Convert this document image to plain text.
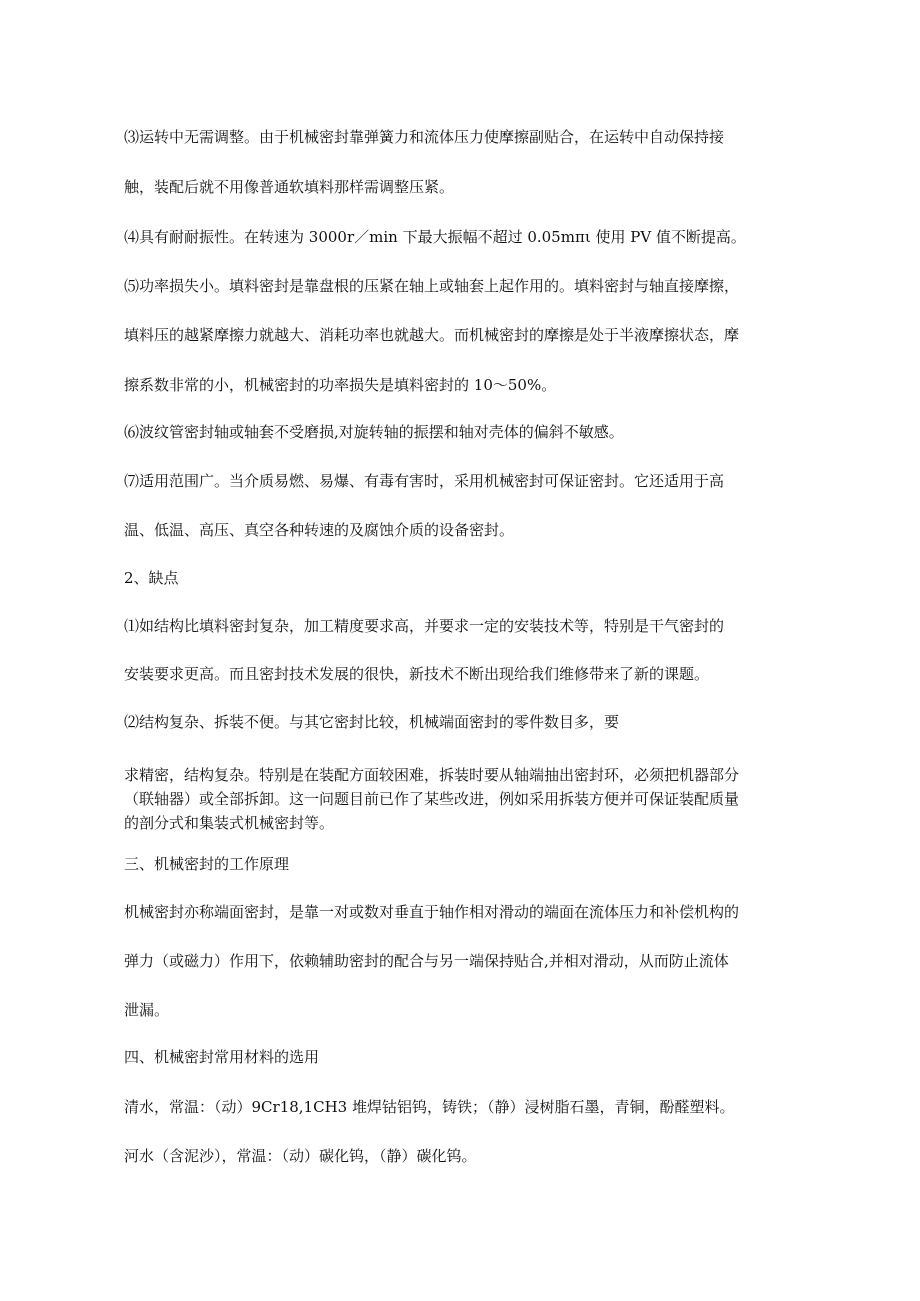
⑶运转中无需调整。由于机械密封靠弹簧力和流体压力使摩擦副贴合，在运转中自动保持接

触，装配后就不用像普通软填料那样需调整压紧。

⑷具有耐耐振性。在转速为 3000r／min 下最大振幅不超过 0.05mπι 使用 PV 值不断提高。

⑸功率损失小。填料密封是靠盘根的压紧在轴上或轴套上起作用的。填料密封与轴直接摩擦，

填料压的越紧摩擦力就越大、消耗功率也就越大。而机械密封的摩擦是处于半液摩擦状态，摩

擦系数非常的小，机械密封的功率损失是填料密封的 10～50%。

⑹波纹管密封轴或轴套不受磨损,对旋转轴的振摆和轴对壳体的偏斜不敏感。

⑺适用范围广。当介质易燃、易爆、有毒有害时，采用机械密封可保证密封。它还适用于高

温、低温、高压、真空各种转速的及腐蚀介质的设备密封。

2、缺点

⑴如结构比填料密封复杂，加工精度要求高，并要求一定的安装技术等，特别是干气密封的

安装要求更高。而且密封技术发展的很快，新技术不断出现给我们维修带来了新的课题。

⑵结构复杂、拆装不便。与其它密封比较，机械端面密封的零件数目多，要

求精密，结构复杂。特别是在装配方面较困难，拆装时要从轴端抽出密封环，必须把机器部分

（联轴器）或全部拆卸。这一问题目前已作了某些改进，例如采用拆装方便并可保证装配质量

的剖分式和集装式机械密封等。

三、机械密封的工作原理

机械密封亦称端面密封，是靠一对或数对垂直于轴作相对滑动的端面在流体压力和补偿机构的

弹力（或磁力）作用下，依赖辅助密封的配合与另一端保持贴合,并相对滑动，从而防止流体

泄漏。

四、机械密封常用材料的选用

清水，常温：（动）9Cr18,1CH3 堆焊钴铝钨，铸铁；（静）浸树脂石墨，青铜，酚醛塑料。

河水（含泥沙），常温：（动）碳化钨，（静）碳化钨。
